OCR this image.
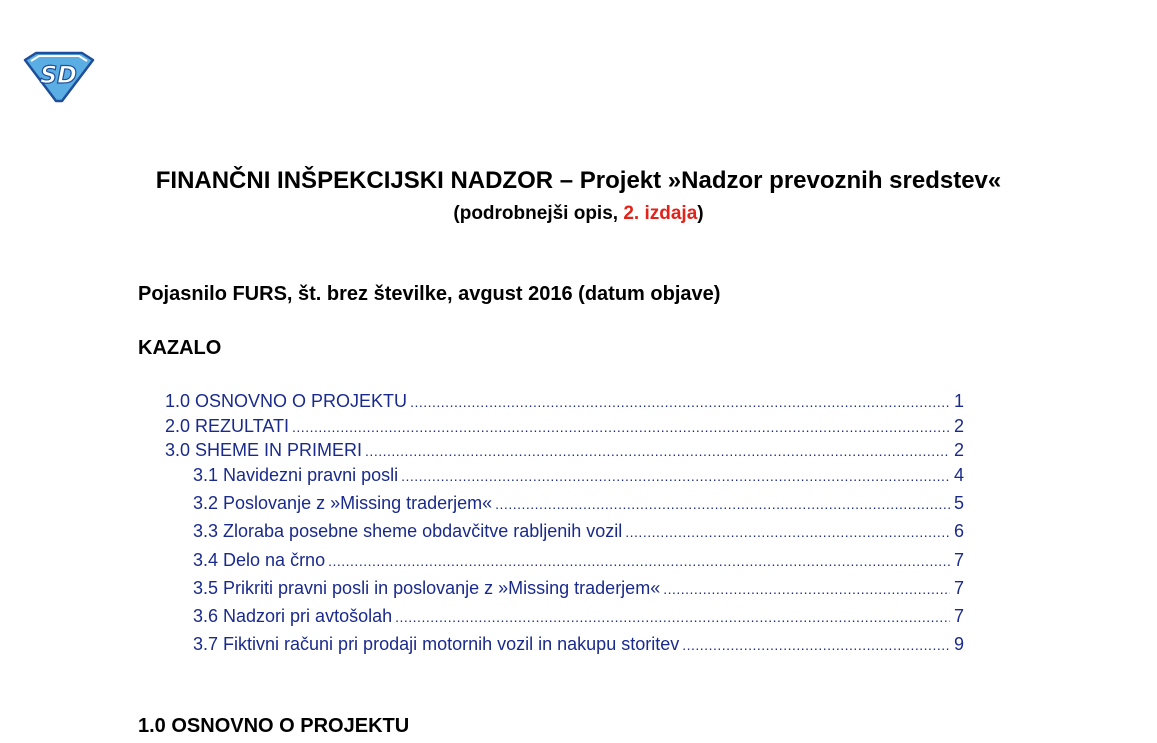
S D
FINANČNI INŠPEKCIJSKI NADZOR – Projekt »Nadzor prevoznih sredstev«
(podrobnejši opis, 2. izdaja)
Pojasnilo FURS, št. brez številke, avgust 2016 (datum objave)
KAZALO
1.0 OSNOVNO O PROJEKTU .....	1
2.0 REZULTATI .....	2
3.0 SHEME IN PRIMERI .....	2
3.1 Navidezni pravni posli .....	4
3.2 Poslovanje z »Missing traderjem« .....	5
3.3 Zloraba posebne sheme obdavčitve rabljenih vozil .....	6
3.4 Delo na črno .....	7
3.5 Prikriti pravni posli in poslovanje z »Missing traderjem« .....	7
3.6 Nadzori pri avtošolah .....	7
3.7 Fiktivni računi pri prodaji motornih vozil in nakupu storitev .....	9
1.0 OSNOVNO O PROJEKTU
